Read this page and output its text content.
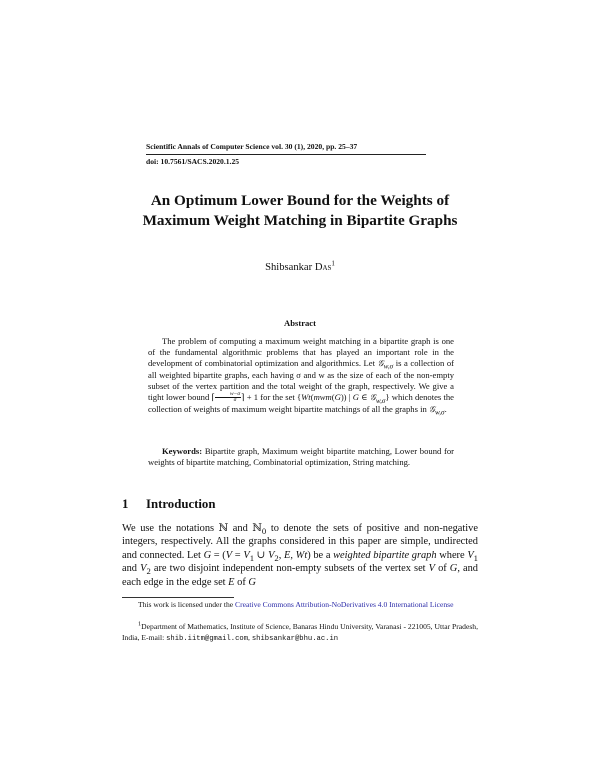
Scientific Annals of Computer Science vol. 30 (1), 2020, pp. 25–37
doi: 10.7561/SACS.2020.1.25
An Optimum Lower Bound for the Weights of
Maximum Weight Matching in Bipartite Graphs
Shibsankar Das$^1$
Abstract

The problem of computing a maximum weight matching in a bipartite graph is one of the fundamental algorithmic problems that has played an important role in the development of combinatorial optimization and algorithmics. Let 𝒢$_{w,\sigma}$ is a collection of all weighted bipartite graphs, each having σ and w as the size of each of the non-empty subset of the vertex partition and the total weight of the graph, respectively. We give a tight lower bound ⌈ $\frac{w-\sigma}{\sigma}$ ⌉ + 1 for the set {Wt(mwm(G)) | G ∈ 𝒢$_{w,\sigma}$} which denotes the collection of weights of maximum weight bipartite matchings of all the graphs in 𝒢$_{w,\sigma}$.

Keywords: Bipartite graph, Maximum weight bipartite matching, Lower bound for weights of bipartite matching, Combinatorial optimization, String matching.

1 Introduction

We use the notations ℕ and ℕ$_0$ to denote the sets of positive and non-negative integers, respectively. All the graphs considered in this paper are simple, undirected and connected. Let $G = (V = V_1$ ∪ $V_2$, E, Wt) be a weighted bipartite graph where $V_1$ and $V_2$ are two disjoint independent non-empty subsets of the vertex set V of G, and each edge in the edge set E of G

This work is licensed under the Creative Commons Attribution-NoDerivatives 4.0 International License

$^1$Department of Mathematics, Institute of Science, Banaras Hindu University, Varanasi - 221005, Uttar Pradesh, India, E-mail: shib.iitm@gmail.com, shibsankar@bhu.ac.in
